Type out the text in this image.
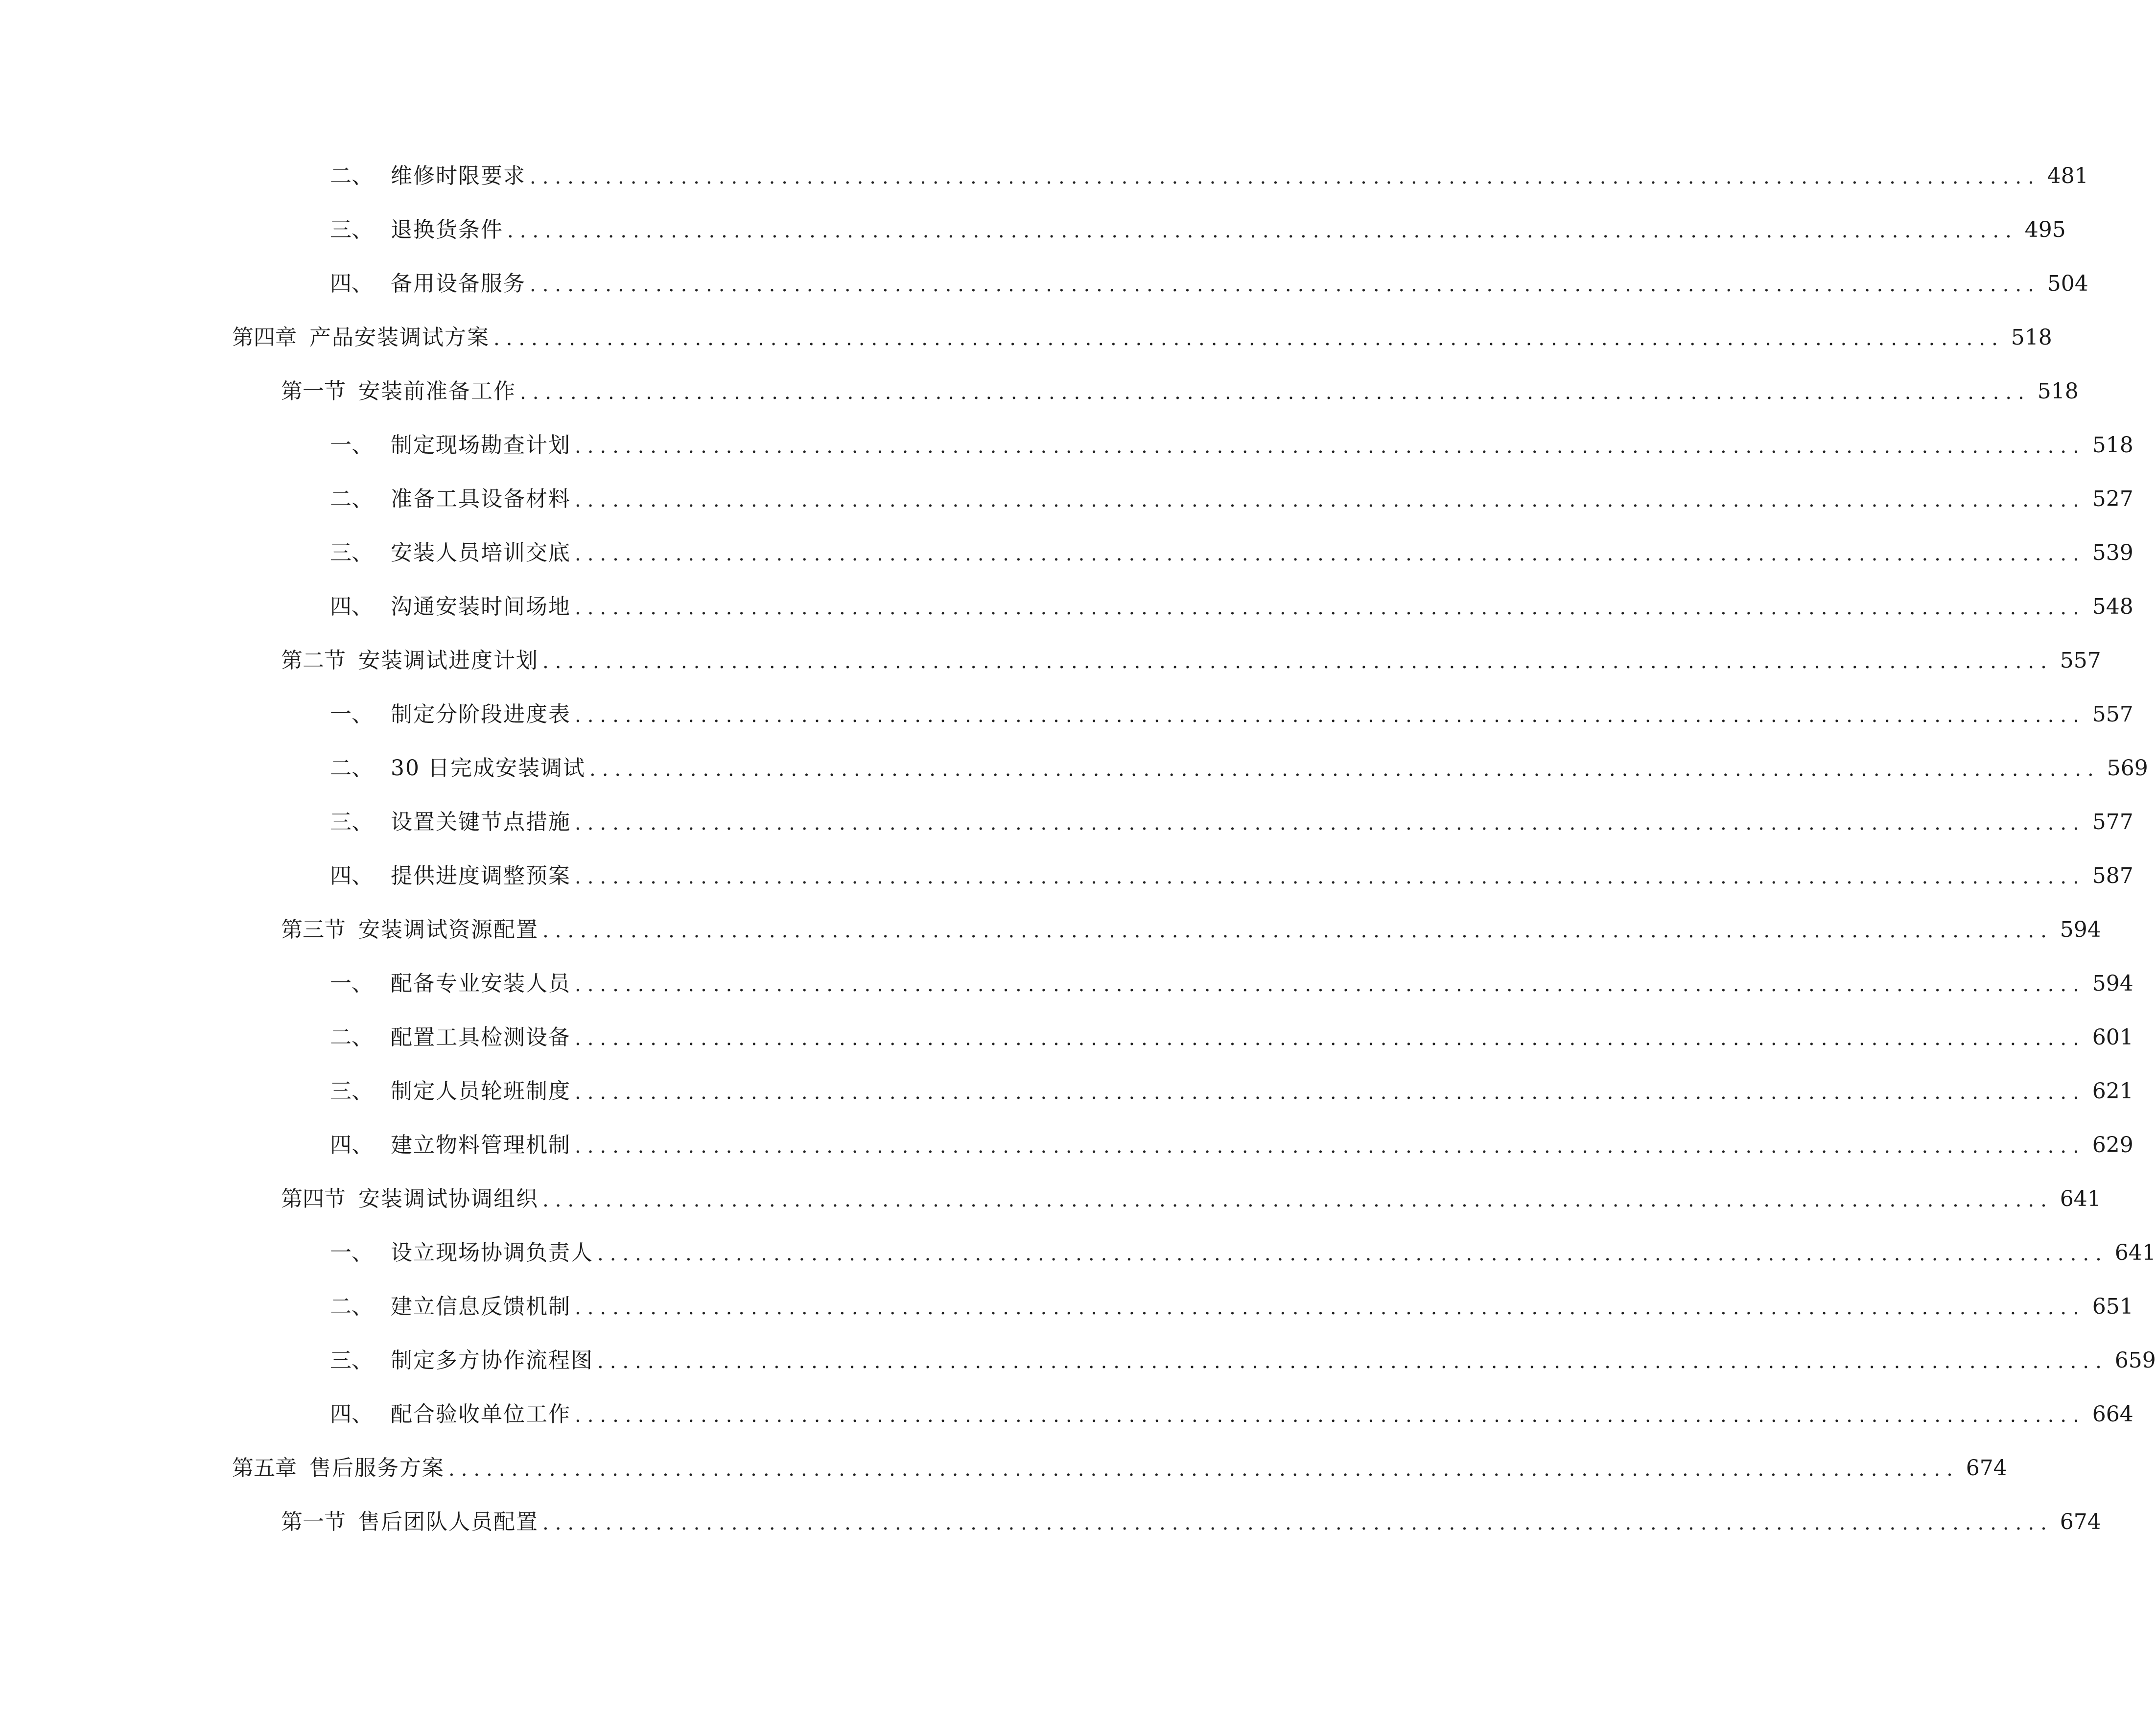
二、 维修时限要求 ........................................................................................................................ 481
三、 退换货条件 ........................................................................................................................ 495
四、 备用设备服务 ........................................................................................................................ 504
第四章 产品安装调试方案 ........................................................................................................................ 518
第一节 安装前准备工作 ........................................................................................................................ 518
一、 制定现场勘查计划 ........................................................................................................................ 518
二、 准备工具设备材料 ........................................................................................................................ 527
三、 安装人员培训交底 ........................................................................................................................ 539
四、 沟通安装时间场地 ........................................................................................................................ 548
第二节 安装调试进度计划 ........................................................................................................................ 557
一、 制定分阶段进度表 ........................................................................................................................ 557
二、 30 日完成安装调试 ........................................................................................................................ 569
三、 设置关键节点措施 ........................................................................................................................ 577
四、 提供进度调整预案 ........................................................................................................................ 587
第三节 安装调试资源配置 ........................................................................................................................ 594
一、 配备专业安装人员 ........................................................................................................................ 594
二、 配置工具检测设备 ........................................................................................................................ 601
三、 制定人员轮班制度 ........................................................................................................................ 621
四、 建立物料管理机制 ........................................................................................................................ 629
第四节 安装调试协调组织 ........................................................................................................................ 641
一、 设立现场协调负责人 ........................................................................................................................ 641
二、 建立信息反馈机制 ........................................................................................................................ 651
三、 制定多方协作流程图 ........................................................................................................................ 659
四、 配合验收单位工作 ........................................................................................................................ 664
第五章 售后服务方案 ........................................................................................................................ 674
第一节 售后团队人员配置 ........................................................................................................................ 674
